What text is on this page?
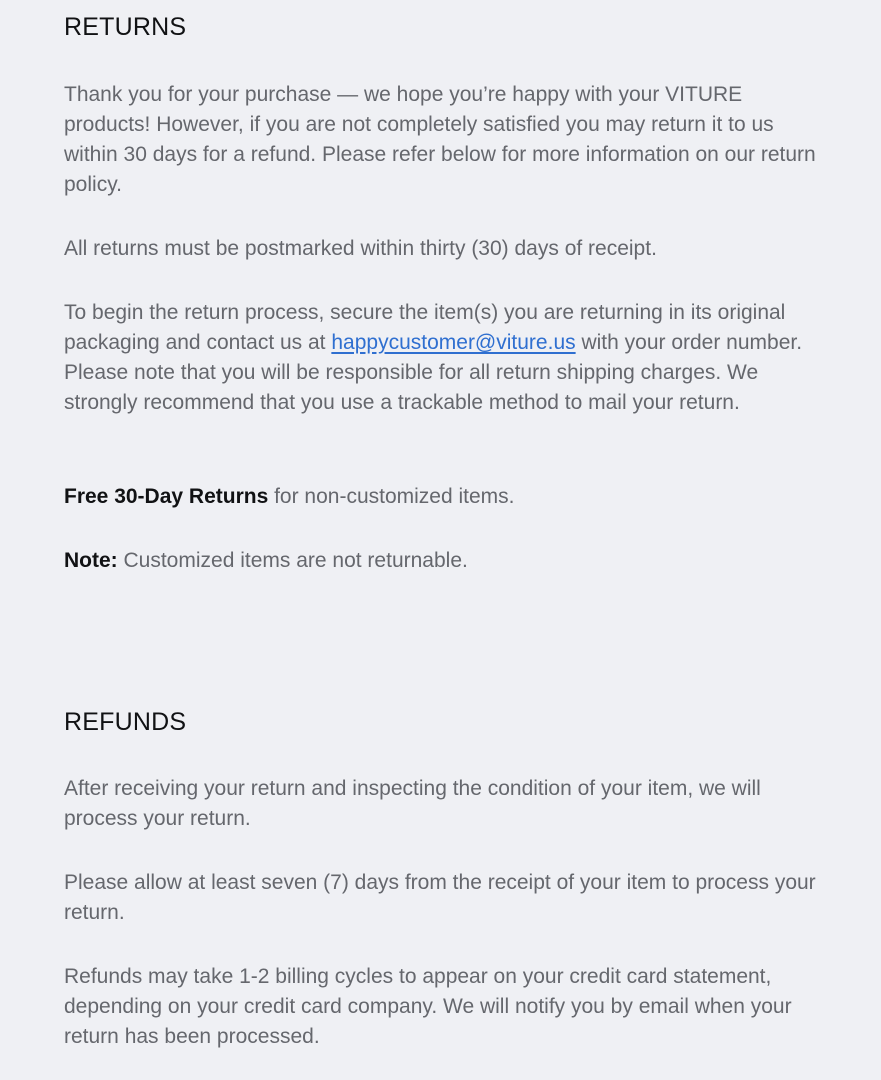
RETURNS

Thank you for your purchase — we hope you’re happy with your VITURE products! However, if you are not completely satisfied you may return it to us within 30 days for a refund. Please refer below for more information on our return policy.

All returns must be postmarked within thirty (30) days of receipt.

To begin the return process, secure the item(s) you are returning in its original packaging and contact us at happycustomer@viture.us with your order number. Please note that you will be responsible for all return shipping charges. We strongly recommend that you use a trackable method to mail your return.

Free 30-Day Returns for non-customized items.

Note: Customized items are not returnable.

REFUNDS

After receiving your return and inspecting the condition of your item, we will process your return.

Please allow at least seven (7) days from the receipt of your item to process your return.

Refunds may take 1-2 billing cycles to appear on your credit card statement, depending on your credit card company. We will notify you by email when your return has been processed.
